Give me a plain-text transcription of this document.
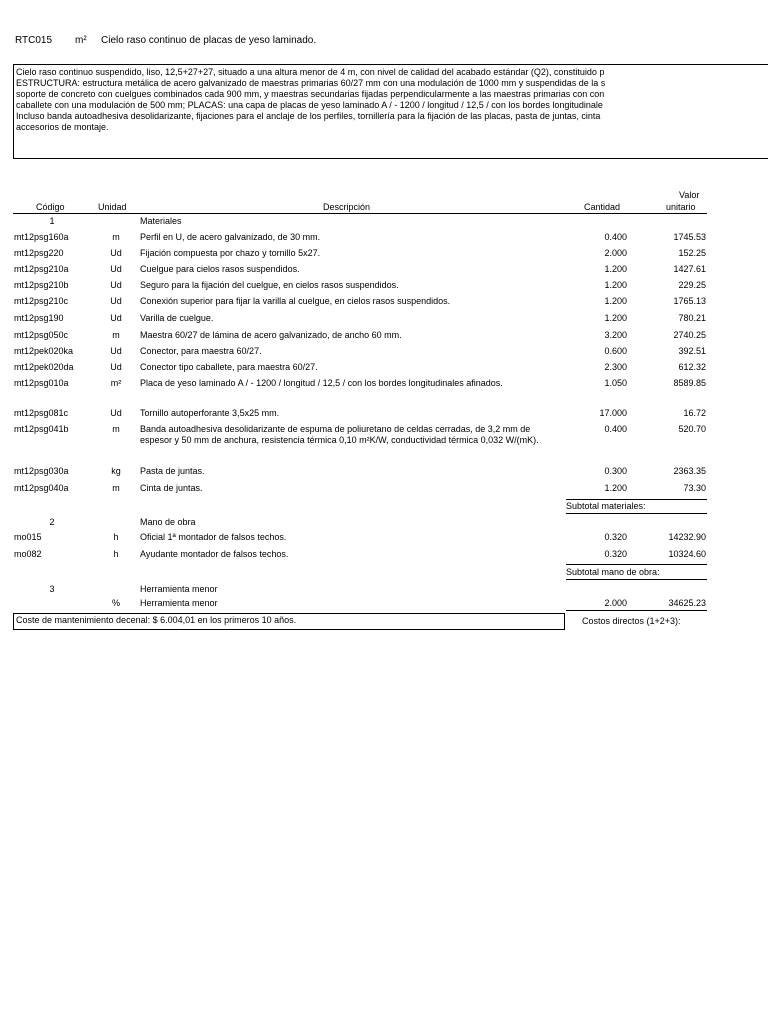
RTC015 m² Cielo raso continuo de placas de yeso laminado.
Cielo raso continuo suspendido, liso, 12,5+27+27, situado a una altura menor de 4 m, con nivel de calidad del acabado estándar (Q2), constituido p
ESTRUCTURA: estructura metálica de acero galvanizado de maestras primarias 60/27 mm con una modulación de 1000 mm y suspendidas de la s
soporte de concreto con cuelgues combinados cada 900 mm, y maestras secundarias fijadas perpendicularmente a las maestras primarias con con
caballete con una modulación de 500 mm; PLACAS: una capa de placas de yeso laminado A / - 1200 / longitud / 12,5 / con los bordes longitudinale
Incluso banda autoadhesiva desolidarizante, fijaciones para el anclaje de los perfiles, tornillería para la fijación de las placas, pasta de juntas, cinta
accesorios de montaje.
Código	Unidad	Descripción	Cantidad
Valor
unitario
1	Materiales
mt12psg160a	m	Perfil en U, de acero galvanizado, de 30 mm.	0.400	1745.53
mt12psg220	Ud	Fijación compuesta por chazo y tornillo 5x27.	2.000	152.25
mt12psg210a	Ud	Cuelgue para cielos rasos suspendidos.	1.200	1427.61
mt12psg210b	Ud	Seguro para la fijación del cuelgue, en cielos rasos suspendidos.	1.200	229.25
mt12psg210c	Ud	Conexión superior para fijar la varilla al cuelgue, en cielos rasos suspendidos.	1.200	1765.13
mt12psg190	Ud	Varilla de cuelgue.	1.200	780.21
mt12psg050c	m	Maestra 60/27 de lámina de acero galvanizado, de ancho 60 mm.	3.200	2740.25
mt12pek020ka	Ud	Conector, para maestra 60/27.	0.600	392.51
mt12pek020da	Ud	Conector tipo caballete, para maestra 60/27.	2.300	612.32
mt12psg010a	m²	Placa de yeso laminado A / - 1200 / longitud / 12,5 / con los bordes longitudinales afinados.	1.050	8589.85
mt12psg081c	Ud	Tornillo autoperforante 3,5x25 mm.	17.000	16.72
mt12psg041b	m	Banda autoadhesiva desolidarizante de espuma de poliuretano de celdas cerradas, de 3,2 mm de espesor y 50 mm de anchura, resistencia térmica 0,10 m²K/W, conductividad térmica 0,032 W/(mK).
0.400	520.70
mt12psg030a	kg	Pasta de juntas.	0.300	2363.35
mt12psg040a	m	Cinta de juntas.	1.200	73.30
Subtotal materiales:
2	Mano de obra
mo015	h	Oficial 1ª montador de falsos techos.	0.320	14232.90
mo082	h	Ayudante montador de falsos techos.	0.320	10324.60
Subtotal mano de obra:
3	Herramienta menor
%	Herramienta menor	2.000	34625.23
Coste de mantenimiento decenal: $ 6.004,01 en los primeros 10 años.	Costos directos (1+2+3):
